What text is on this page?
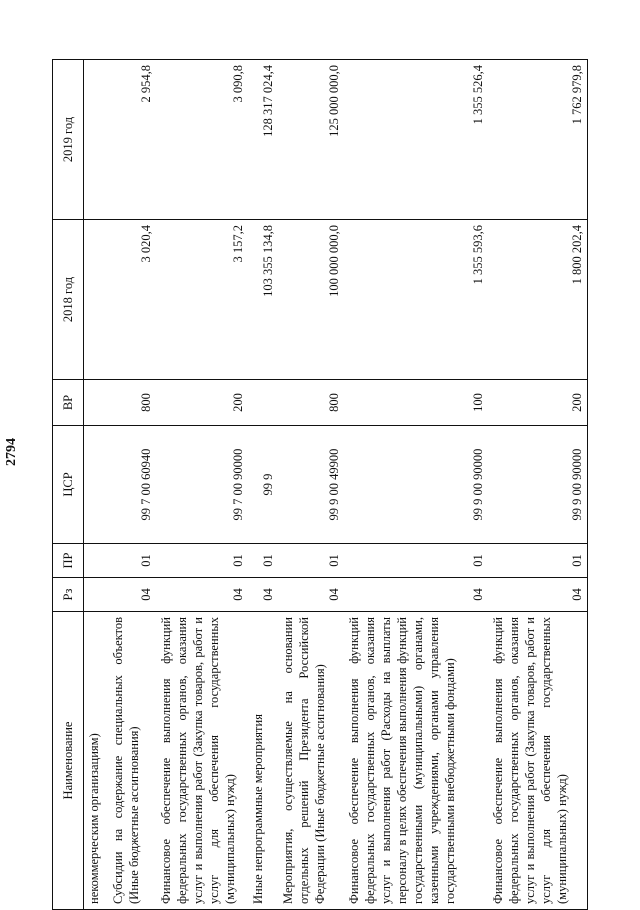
2794
Наименование	Рз	ПР	ЦСР	ВР	2018 год	2019 год
некоммерческим организациям)						
Субсидии на содержание специальных объектов (Иные бюджетные ассигнования)	04	01	99 7 00 60940	800	3 020,4	2 954,8
Финансовое обеспечение выполнения функций федеральных государственных органов, оказания услуг и выполнения работ (Закупка товаров, работ и услуг для обеспечения государственных (муниципальных) нужд)	04	01	99 7 00 90000	200	3 157,2	3 090,8
Иные непрограммные мероприятия	04	01	99 9		103 355 134,8	128 317 024,4
Мероприятия, осуществляемые на основании отдельных решений Президента Российской Федерации (Иные бюджетные ассигнования)	04	01	99 9 00 49900	800	100 000 000,0	125 000 000,0
Финансовое обеспечение выполнения функций федеральных государственных органов, оказания услуг и выполнения работ (Расходы на выплаты персоналу в целях обеспечения выполнения функций государственными (муниципальными) органами, казенными учреждениями, органами управления государственными внебюджетными фондами)	04	01	99 9 00 90000	100	1 355 593,6	1 355 526,4
Финансовое обеспечение выполнения функций федеральных государственных органов, оказания услуг и выполнения работ (Закупка товаров, работ и услуг для обеспечения государственных (муниципальных) нужд)	04	01	99 9 00 90000	200	1 800 202,4	1 762 979,8
